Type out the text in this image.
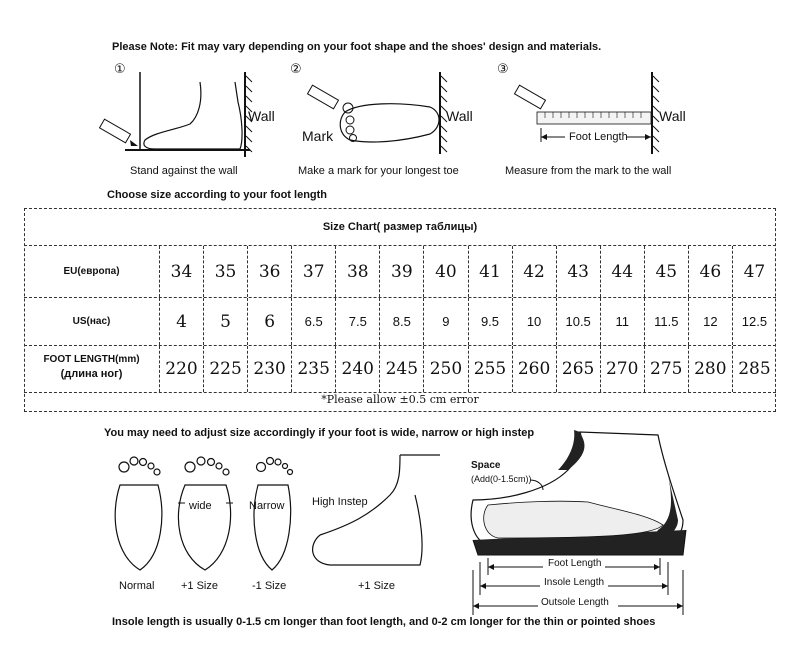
Please Note: Fit may vary depending on your foot shape and the shoes' design and materials.
①
Wall
Stand against the wall
②
Mark
Wall
Make a mark for your longest toe
③
Foot Length
Wall
Measure from the mark to the wall
Choose size according to your foot length
Size Chart( размер таблицы)
EU(европа)	34	35	36	37	38	39	40	41	42	43	44	45	46	47
US(нас)	4	5	6	6.5	7.5	8.5	9	9.5	10	10.5	11	11.5	12	12.5
FOOT LENGTH(mm)
(длина ног)	220 225 230 235 240 245 250 255 260 265 270 275 280 285
*Please allow ±0.5 cm error
You may need to adjust size accordingly if your foot is wide, narrow or high instep
wide	Narrow	High Instep
Normal +1 Size	-1 Size	+1 Size
Space
(Add(0-1.5cm))
Foot Length
Insole Length
Outsole Length
Insole length is usually 0-1.5 cm longer than foot length, and 0-2 cm longer for the thin or pointed shoes
